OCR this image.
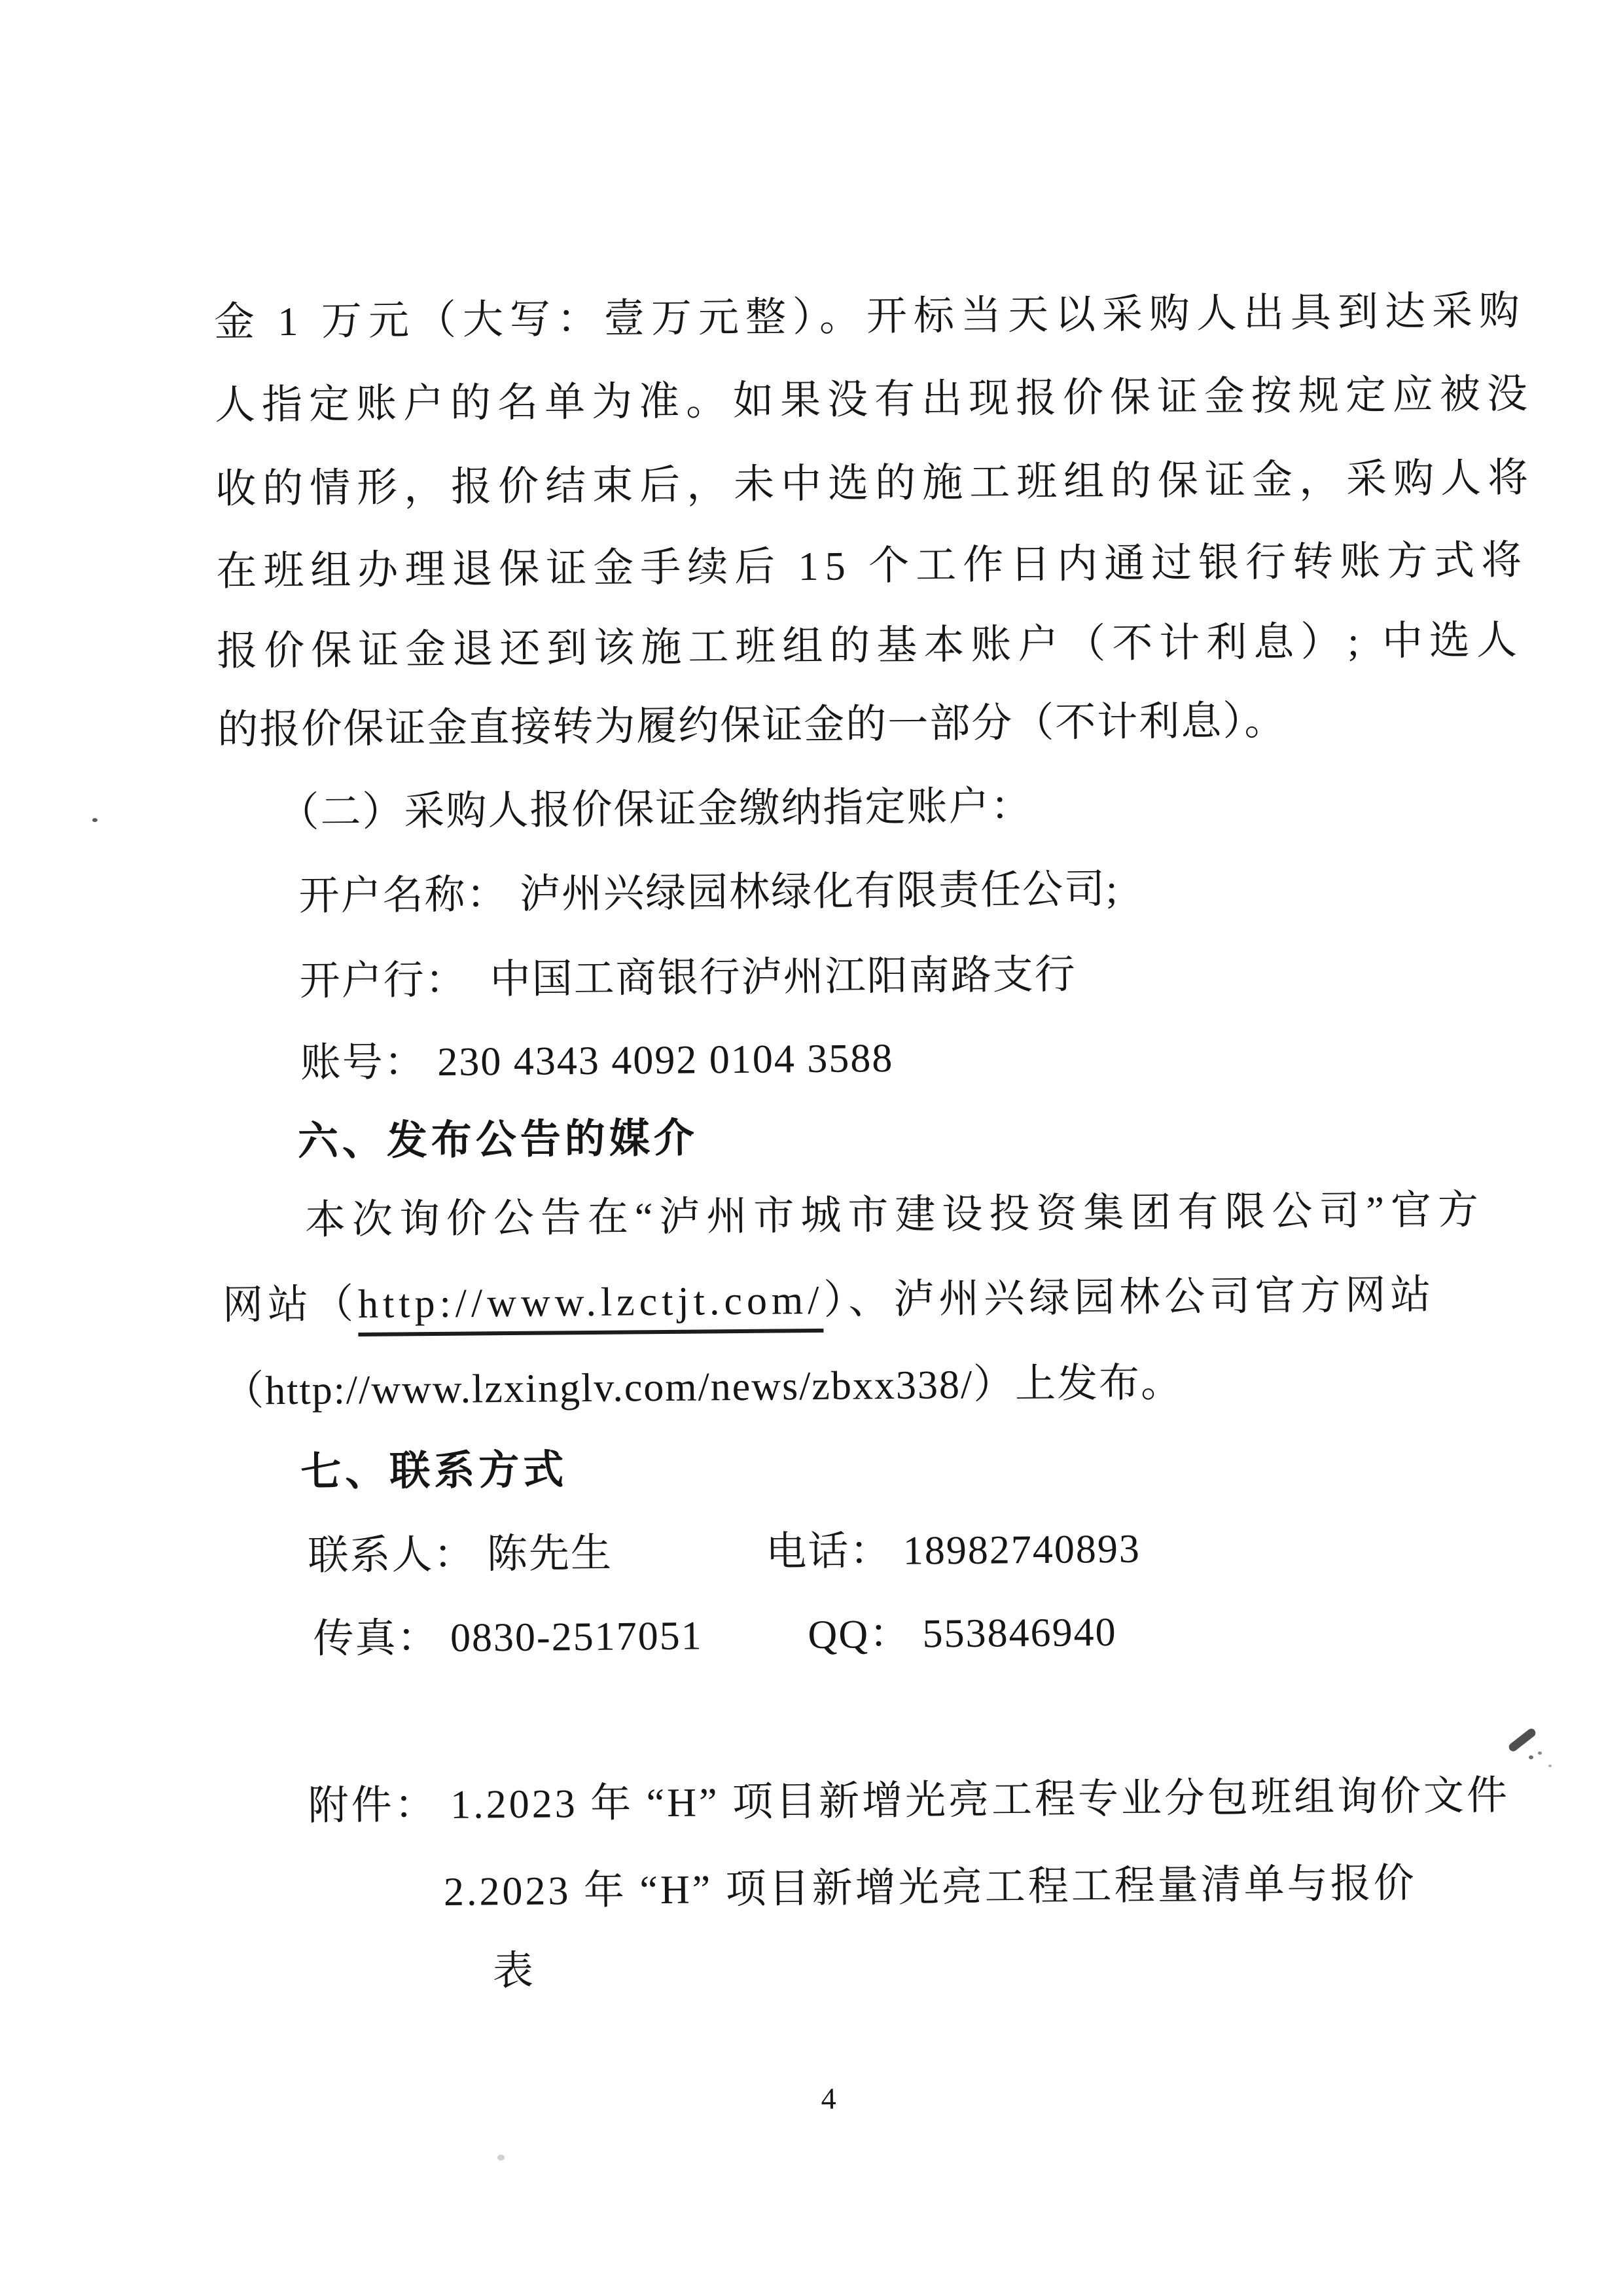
金 1 万元（大写：壹万元整）。开标当天以采购人出具到达采购
人指定账户的名单为准。如果没有出现报价保证金按规定应被没
收的情形，报价结束后，未中选的施工班组的保证金，采购人将
在班组办理退保证金手续后 15 个工作日内通过银行转账方式将
报价保证金退还到该施工班组的基本账户（不计利息）; 中选人
的报价保证金直接转为履约保证金的一部分（不计利息）。
（二）采购人报价保证金缴纳指定账户：
开户名称： 泸州兴绿园林绿化有限责任公司;
开户行：  中国工商银行泸州江阳南路支行
账号： 230 4343 4092 0104 3588
六、发布公告的媒介
本次询价公告在“泸州市城市建设投资集团有限公司”官方
网站（http://www.lzctjt.com/）、泸州兴绿园林公司官方网站
（http://www.lzxinglv.com/news/zbxx338/）上发布。
七、联系方式
联系人： 陈先生	电话： 18982740893
传真： 0830-2517051	QQ： 553846940
附件： 1.2023 年 “H” 项目新增光亮工程专业分包班组询价文件
2.2023 年 “H” 项目新增光亮工程工程量清单与报价
表
4
